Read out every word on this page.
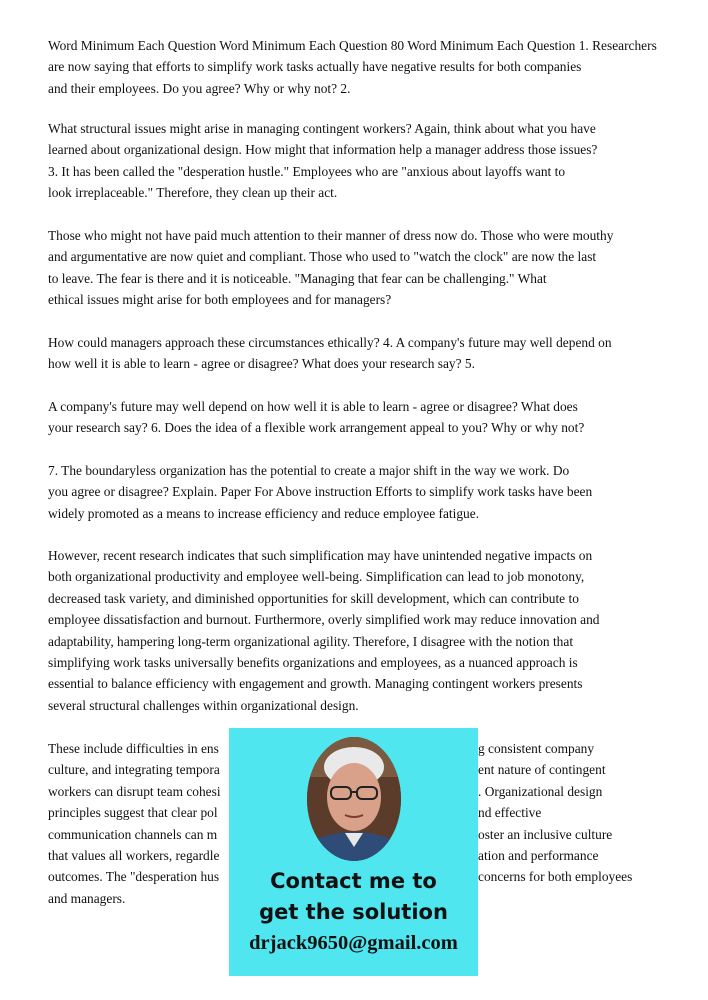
Word Minimum Each Question Word Minimum Each Question 80 Word Minimum Each Question 1. Researchers
are now saying that efforts to simplify work tasks actually have negative results for both companies
and their employees. Do you agree? Why or why not? 2.

What structural issues might arise in managing contingent workers? Again, think about what you have
learned about organizational design. How might that information help a manager address those issues?
3. It has been called the "desperation hustle." Employees who are "anxious about layoffs want to
look irreplaceable." Therefore, they clean up their act.

Those who might not have paid much attention to their manner of dress now do. Those who were mouthy
and argumentative are now quiet and compliant. Those who used to "watch the clock" are now the last
to leave. The fear is there and it is noticeable. "Managing that fear can be challenging." What
ethical issues might arise for both employees and for managers?

How could managers approach these circumstances ethically? 4. A company's future may well depend on
how well it is able to learn - agree or disagree? What does your research say? 5.

A company's future may well depend on how well it is able to learn - agree or disagree? What does
your research say? 6. Does the idea of a flexible work arrangement appeal to you? Why or why not?

7. The boundaryless organization has the potential to create a major shift in the way we work. Do
you agree or disagree? Explain. Paper For Above instruction Efforts to simplify work tasks have been
widely promoted as a means to increase efficiency and reduce employee fatigue.

However, recent research indicates that such simplification may have unintended negative impacts on
both organizational productivity and employee well-being. Simplification can lead to job monotony,
decreased task variety, and diminished opportunities for skill development, which can contribute to
employee dissatisfaction and burnout. Furthermore, overly simplified work may reduce innovation and
adaptability, hampering long-term organizational agility. Therefore, I disagree with the notion that
simplifying work tasks universally benefits organizations and employees, as a nuanced approach is
essential to balance efficiency with engagement and growth. Managing contingent workers presents
several structural challenges within organizational design.

These include difficulties in ens
culture, and integrating tempora
workers can disrupt team cohesi
principles suggest that clear pol
communication channels can m
that values all workers, regardle
outcomes. The "desperation hus
and managers.

g consistent company
ent nature of contingent
. Organizational design
nd effective
oster an inclusive culture
ation and performance
concerns for both employees

Contact me to
get the solution
drjack9650@gmail.com
